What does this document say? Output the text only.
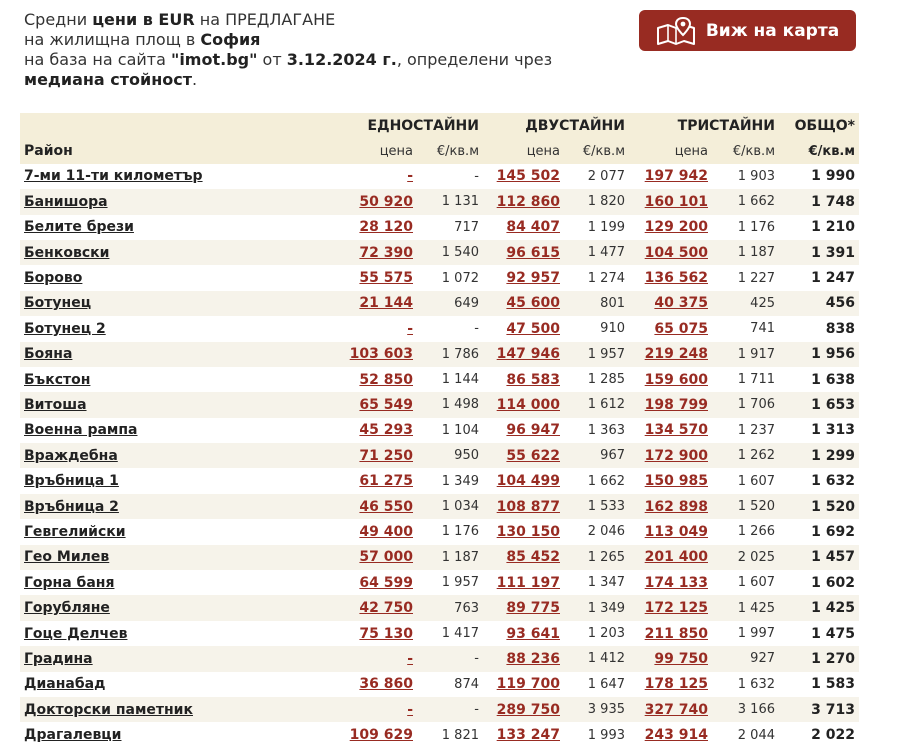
Средни цени в EUR на ПРЕДЛАГАНЕ
на жилищна площ в София
на база на сайта "imot.bg" от 3.12.2024 г., определени чрез
медиана стойност.
Виж на карта
	ЕДНОСТАЙНИ		ДВУСТАЙНИ		ТРИСТАЙНИ		ОБЩО*
Район	цена	€/кв.м	цена	€/кв.м	цена	€/кв.м	€/кв.м
7-ми 11-ти километър	-	-	145 502	2 077	197 942	1 903	1 990
Банишора	50 920	1 131	112 860	1 820	160 101	1 662	1 748
Белите брези	28 120	717	84 407	1 199	129 200	1 176	1 210
Бенковски	72 390	1 540	96 615	1 477	104 500	1 187	1 391
Борово	55 575	1 072	92 957	1 274	136 562	1 227	1 247
Ботунец	21 144	649	45 600	801	40 375	425	456
Ботунец 2	-	-	47 500	910	65 075	741	838
Бояна	103 603	1 786	147 946	1 957	219 248	1 917	1 956
Бъкстон	52 850	1 144	86 583	1 285	159 600	1 711	1 638
Витоша	65 549	1 498	114 000	1 612	198 799	1 706	1 653
Военна рампа	45 293	1 104	96 947	1 363	134 570	1 237	1 313
Враждебна	71 250	950	55 622	967	172 900	1 262	1 299
Връбница 1	61 275	1 349	104 499	1 662	150 985	1 607	1 632
Връбница 2	46 550	1 034	108 877	1 533	162 898	1 520	1 520
Гевгелийски	49 400	1 176	130 150	2 046	113 049	1 266	1 692
Гео Милев	57 000	1 187	85 452	1 265	201 400	2 025	1 457
Горна баня	64 599	1 957	111 197	1 347	174 133	1 607	1 602
Горубляне	42 750	763	89 775	1 349	172 125	1 425	1 425
Гоце Делчев	75 130	1 417	93 641	1 203	211 850	1 997	1 475
Градина	-	-	88 236	1 412	99 750	927	1 270
Дианабад	36 860	874	119 700	1 647	178 125	1 632	1 583
Докторски паметник	-	-	289 750	3 935	327 740	3 166	3 713
Драгалевци	109 629	1 821	133 247	1 993	243 914	2 044	2 022
